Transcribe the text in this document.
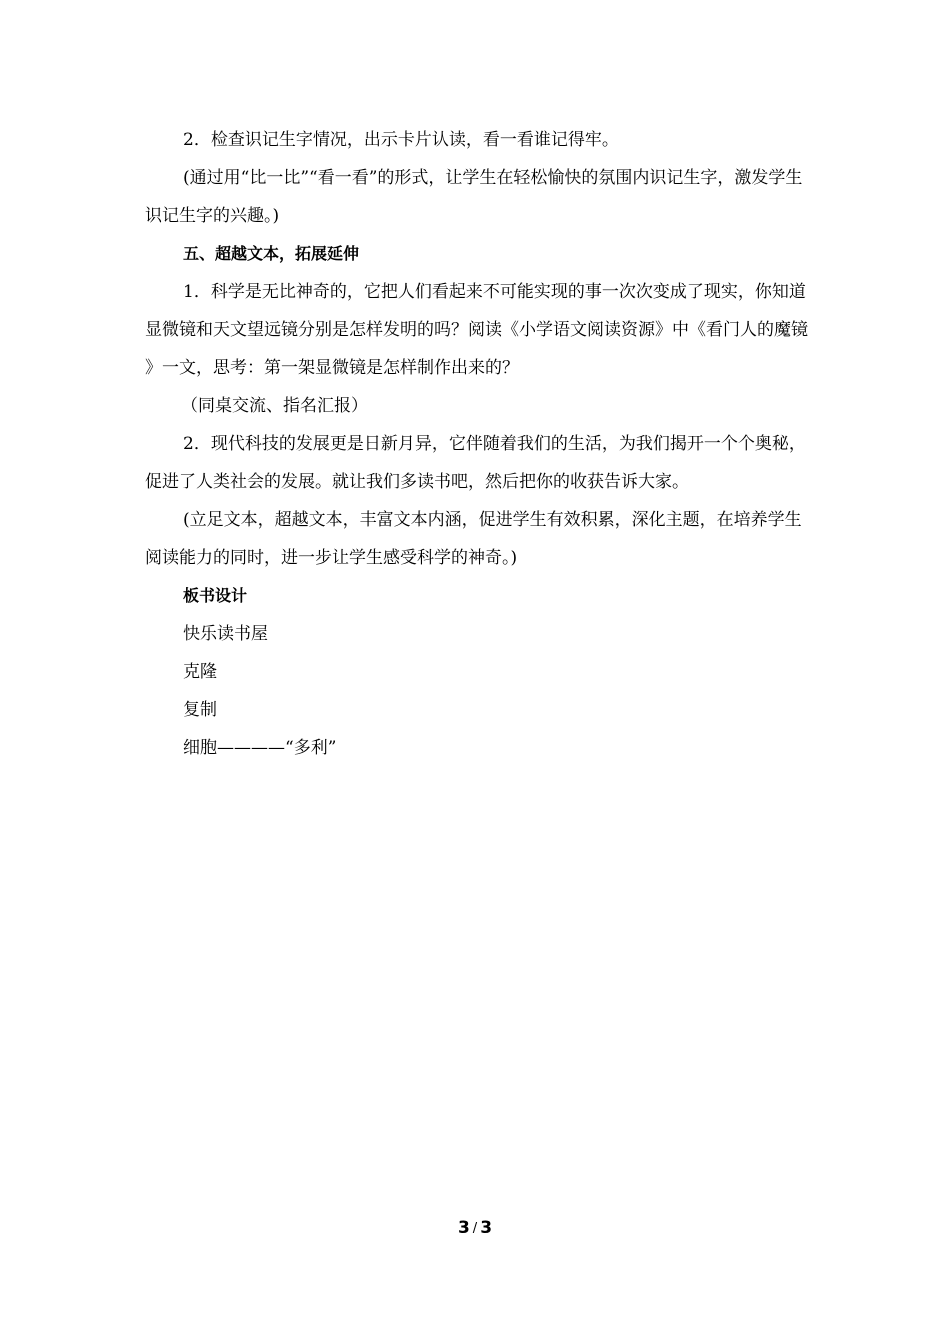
2．检查识记生字情况，出示卡片认读，看一看谁记得牢。

(通过用“比一比”“看一看”的形式，让学生在轻松愉快的氛围内识记生字，激发学生识记生字的兴趣。)

五、超越文本，拓展延伸

1．科学是无比神奇的，它把人们看起来不可能实现的事一次次变成了现实，你知道显微镜和天文望远镜分别是怎样发明的吗？阅读《小学语文阅读资源》中《看门人的魔镜》一文，思考：第一架显微镜是怎样制作出来的？

（同桌交流、指名汇报）

2．现代科技的发展更是日新月异，它伴随着我们的生活，为我们揭开一个个奥秘，促进了人类社会的发展。就让我们多读书吧，然后把你的收获告诉大家。

(立足文本，超越文本，丰富文本内涵，促进学生有效积累，深化主题，在培养学生阅读能力的同时，进一步让学生感受科学的神奇。)

板书设计

快乐读书屋

克隆

复制

细胞————“多利”

3 / 3
